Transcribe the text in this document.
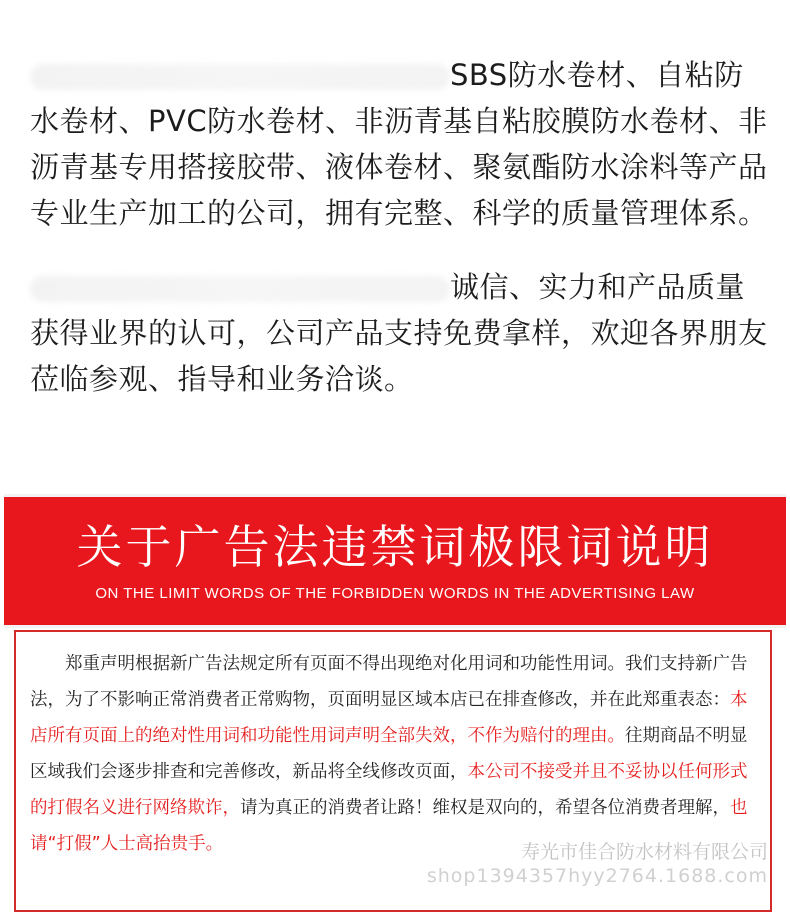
SBS防水卷材、自粘防水卷材、PVC防水卷材、非沥青基自粘胶膜防水卷材、非沥青基专用搭接胶带、液体卷材、聚氨酯防水涂料等产品专业生产加工的公司，拥有完整、科学的质量管理体系。
诚信、实力和产品质量获得业界的认可，公司产品支持免费拿样，欢迎各界朋友莅临参观、指导和业务洽谈。
关于广告法违禁词极限词说明
ON THE LIMIT WORDS OF THE FORBIDDEN WORDS IN THE ADVERTISING LAW
郑重声明根据新广告法规定所有页面不得出现绝对化用词和功能性用词。我们支持新广告法，为了不影响正常消费者正常购物，页面明显区域本店已在排查修改，并在此郑重表态：本店所有页面上的绝对性用词和功能性用词声明全部失效，不作为赔付的理由。往期商品不明显区域我们会逐步排查和完善修改，新品将全线修改页面，本公司不接受并且不妥协以任何形式的打假名义进行网络欺诈，请为真正的消费者让路！维权是双向的，希望各位消费者理解，也请“打假”人士高抬贵手。	寿光市佳合防水材料有限公司
shop1394357hyy2764.1688.com
